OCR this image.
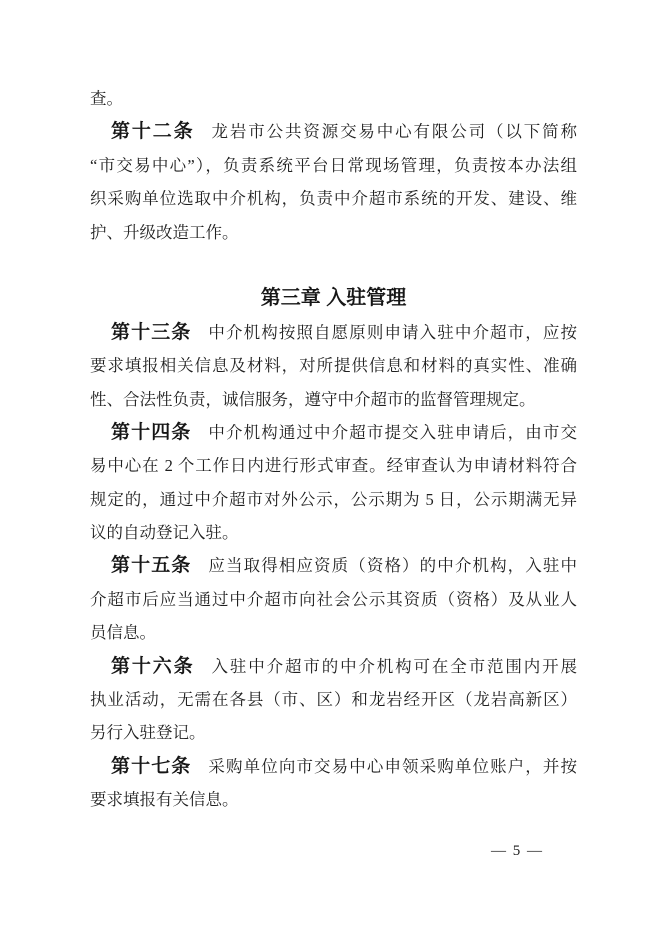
查。
第十二条 龙岩市公共资源交易中心有限公司（以下简称
“市交易中心”），负责系统平台日常现场管理，负责按本办法组
织采购单位选取中介机构，负责中介超市系统的开发、建设、维
护、升级改造工作。
第三章 入驻管理
第十三条 中介机构按照自愿原则申请入驻中介超市，应按
要求填报相关信息及材料，对所提供信息和材料的真实性、准确
性、合法性负责，诚信服务，遵守中介超市的监督管理规定。
第十四条 中介机构通过中介超市提交入驻申请后，由市交
易中心在 2 个工作日内进行形式审查。经审查认为申请材料符合
规定的，通过中介超市对外公示，公示期为 5 日，公示期满无异
议的自动登记入驻。
第十五条 应当取得相应资质（资格）的中介机构，入驻中
介超市后应当通过中介超市向社会公示其资质（资格）及从业人
员信息。
第十六条 入驻中介超市的中介机构可在全市范围内开展
执业活动，无需在各县（市、区）和龙岩经开区（龙岩高新区）
另行入驻登记。
第十七条 采购单位向市交易中心申领采购单位账户，并按
要求填报有关信息。
— 5 —
